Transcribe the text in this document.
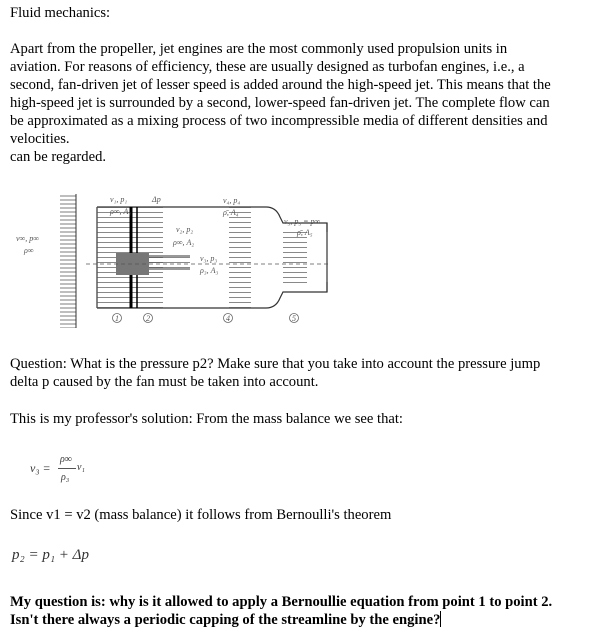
Fluid mechanics:
Apart from the propeller, jet engines are the most commonly used propulsion units in
aviation. For reasons of efficiency, these are usually designed as turbofan engines, i.e., a
second, fan-driven jet of lesser speed is added around the high-speed jet. This means that the
high-speed jet is surrounded by a second, lower-speed fan-driven jet. The complete flow can
be approximated as a mixing process of two incompressible media of different densities and
velocities.
can be regarded.
v∞, p∞
ρ∞
v₁, p₁
ρ∞, A₁
Δp
v₂, p₂
ρ∞, A₂
v₃, p₃
ρ₃, A₃
v₄, p₄
ρ̄, A₄
v₅, p₅ = p∞
ρ̄, A₅
1	2	4	5
Question: What is the pressure p2? Make sure that you take into account the pressure jump
delta p caused by the fan must be taken into account.
This is my professor's solution: From the mass balance we see that:
v₃ =
ρ∞
ρ₃
v₁
Since v1 = v2 (mass balance) it follows from Bernoulli's theorem
p₂ = p₁ + Δp
My question is: why is it allowed to apply a Bernoullie equation from point 1 to point 2.
Isn't there always a periodic capping of the streamline by the engine?
